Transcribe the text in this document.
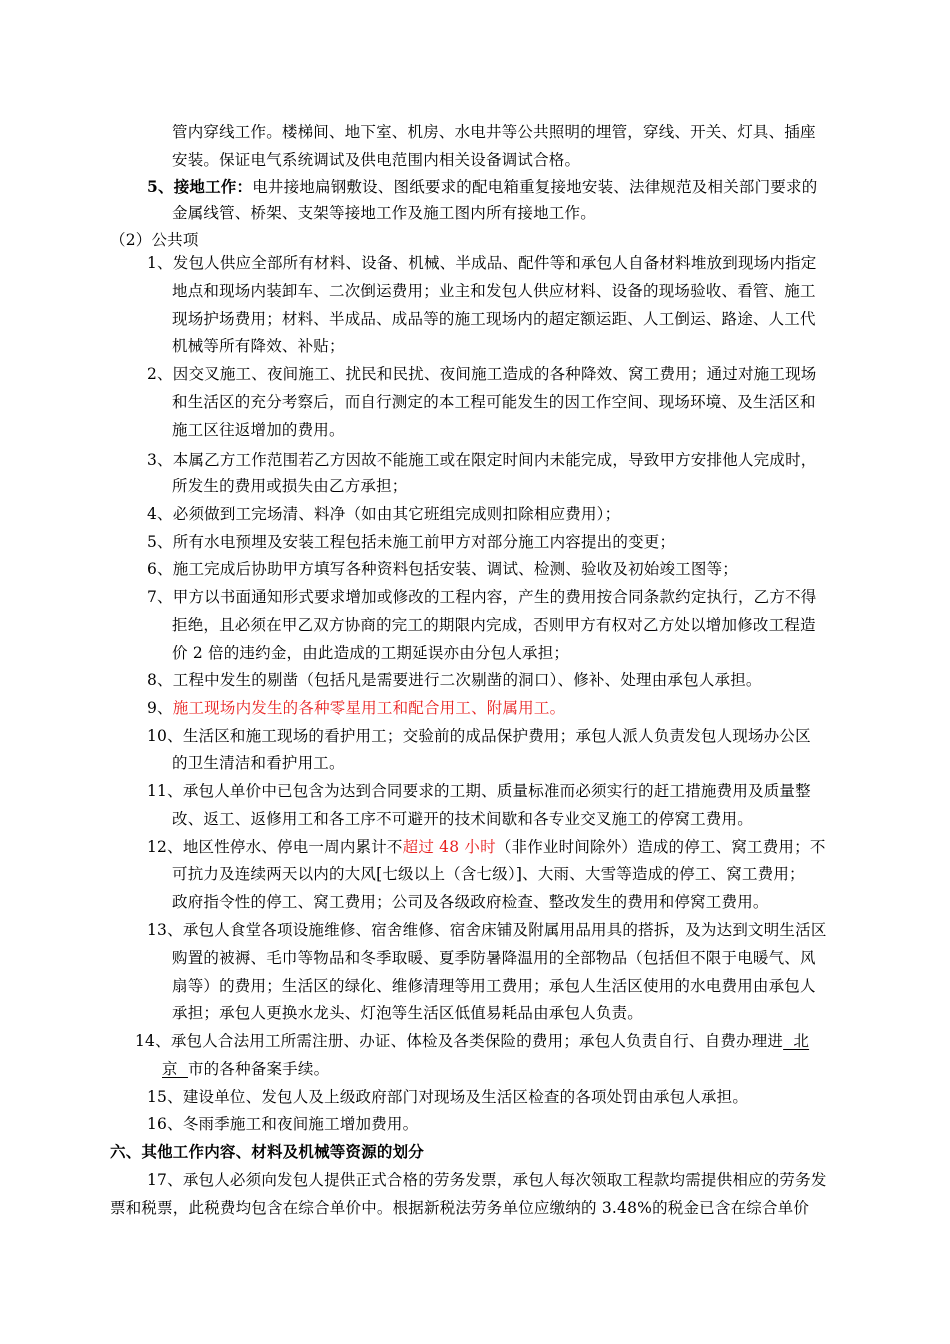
管内穿线工作。楼梯间、地下室、机房、水电井等公共照明的埋管，穿线、开关、灯具、插座
安装。保证电气系统调试及供电范围内相关设备调试合格。
5、接地工作：电井接地扁钢敷设、图纸要求的配电箱重复接地安装、法律规范及相关部门要求的
金属线管、桥架、支架等接地工作及施工图内所有接地工作。
（2）公共项
1、发包人供应全部所有材料、设备、机械、半成品、配件等和承包人自备材料堆放到现场内指定
地点和现场内装卸车、二次倒运费用；业主和发包人供应材料、设备的现场验收、看管、施工
现场护场费用；材料、半成品、成品等的施工现场内的超定额运距、人工倒运、路途、人工代
机械等所有降效、补贴；
2、因交叉施工、夜间施工、扰民和民扰、夜间施工造成的各种降效、窝工费用；通过对施工现场
和生活区的充分考察后，而自行测定的本工程可能发生的因工作空间、现场环境、及生活区和
施工区往返增加的费用。
3、本属乙方工作范围若乙方因故不能施工或在限定时间内未能完成，导致甲方安排他人完成时，
所发生的费用或损失由乙方承担；
4、必须做到工完场清、料净（如由其它班组完成则扣除相应费用）；
5、所有水电预埋及安装工程包括未施工前甲方对部分施工内容提出的变更；
6、施工完成后协助甲方填写各种资料包括安装、调试、检测、验收及初始竣工图等；
7、甲方以书面通知形式要求增加或修改的工程内容，产生的费用按合同条款约定执行，乙方不得
拒绝，且必须在甲乙双方协商的完工的期限内完成，否则甲方有权对乙方处以增加修改工程造
价 2 倍的违约金，由此造成的工期延误亦由分包人承担；
8、工程中发生的剔凿（包括凡是需要进行二次剔凿的洞口）、修补、处理由承包人承担。
9、施工现场内发生的各种零星用工和配合用工、附属用工。
10、生活区和施工现场的看护用工；交验前的成品保护费用；承包人派人负责发包人现场办公区
的卫生清洁和看护用工。
11、承包人单价中已包含为达到合同要求的工期、质量标准而必须实行的赶工措施费用及质量整
改、返工、返修用工和各工序不可避开的技术间歇和各专业交叉施工的停窝工费用。
12、地区性停水、停电一周内累计不超过 48 小时（非作业时间除外）造成的停工、窝工费用；不
可抗力及连续两天以内的大风[七级以上（含七级）]、大雨、大雪等造成的停工、窝工费用；
政府指令性的停工、窝工费用；公司及各级政府检查、整改发生的费用和停窝工费用。
13、承包人食堂各项设施维修、宿舍维修、宿舍床铺及附属用品用具的搭拆，及为达到文明生活区
购置的被褥、毛巾等物品和冬季取暖、夏季防暑降温用的全部物品（包括但不限于电暖气、风
扇等）的费用；生活区的绿化、维修清理等用工费用；承包人生活区使用的水电费用由承包人
承担；承包人更换水龙头、灯泡等生活区低值易耗品由承包人负责。
14、承包人合法用工所需注册、办证、体检及各类保险的费用；承包人负责自行、自费办理进  北
京  市的各种备案手续。
15、建设单位、发包人及上级政府部门对现场及生活区检查的各项处罚由承包人承担。
16、冬雨季施工和夜间施工增加费用。
六、其他工作内容、材料及机械等资源的划分
17、承包人必须向发包人提供正式合格的劳务发票，承包人每次领取工程款均需提供相应的劳务发
票和税票，此税费均包含在综合单价中。根据新税法劳务单位应缴纳的 3.48%的税金已含在综合单价
